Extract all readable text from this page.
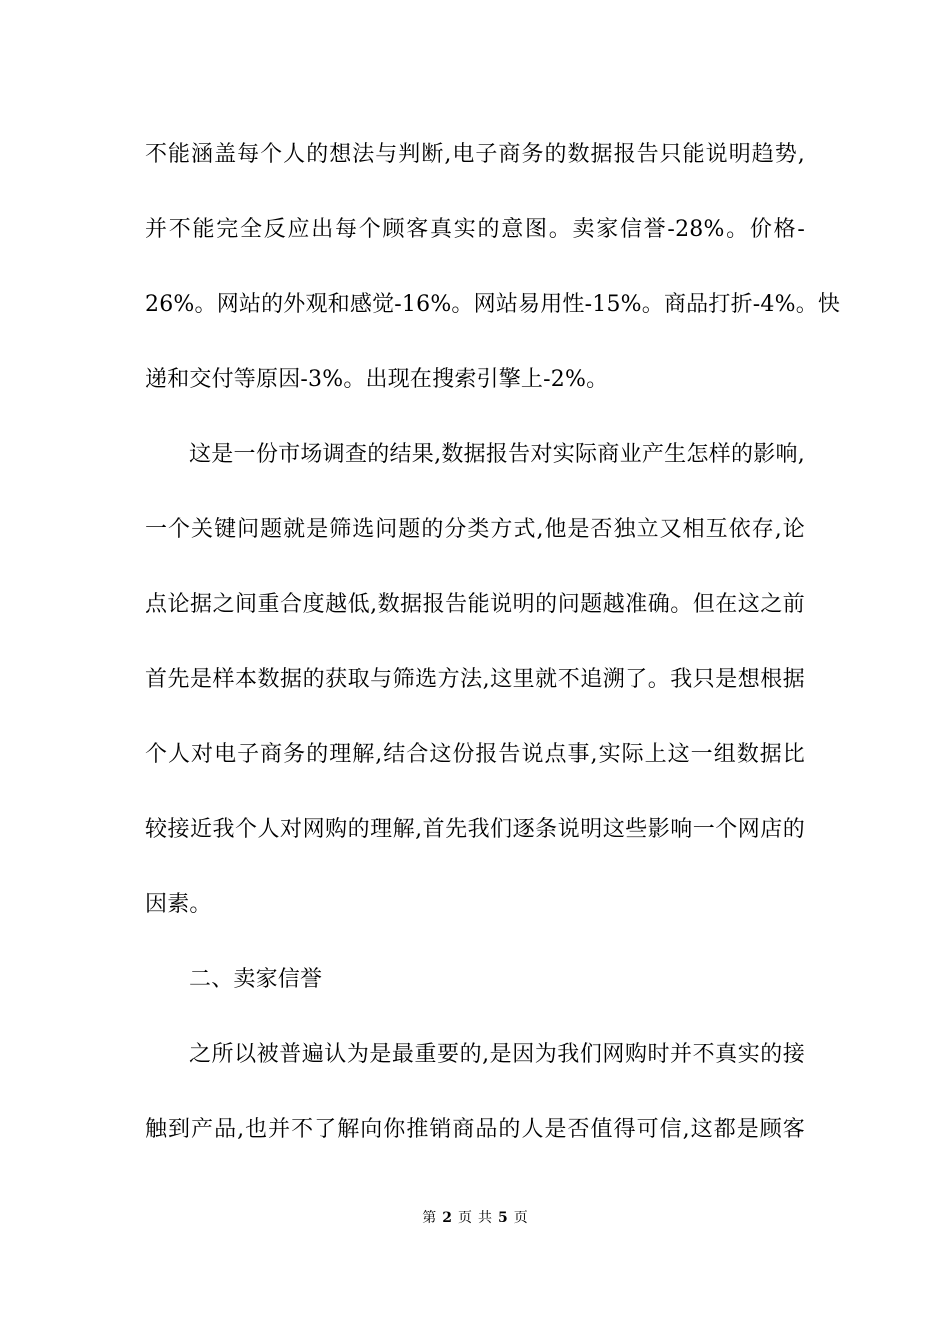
不能涵盖每个人的想法与判断,电子商务的数据报告只能说明趋势,
并不能完全反应出每个顾客真实的意图。卖家信誉-28%。价格-
26%。网站的外观和感觉-16%。网站易用性-15%。商品打折-4%。快
递和交付等原因-3%。出现在搜索引擎上-2%。
这是一份市场调查的结果,数据报告对实际商业产生怎样的影响,
一个关键问题就是筛选问题的分类方式,他是否独立又相互依存,论
点论据之间重合度越低,数据报告能说明的问题越准确。但在这之前
首先是样本数据的获取与筛选方法,这里就不追溯了。我只是想根据
个人对电子商务的理解,结合这份报告说点事,实际上这一组数据比
较接近我个人对网购的理解,首先我们逐条说明这些影响一个网店的
因素。
二、卖家信誉
之所以被普遍认为是最重要的,是因为我们网购时并不真实的接
触到产品,也并不了解向你推销商品的人是否值得可信,这都是顾客
第 2 页 共 5 页
